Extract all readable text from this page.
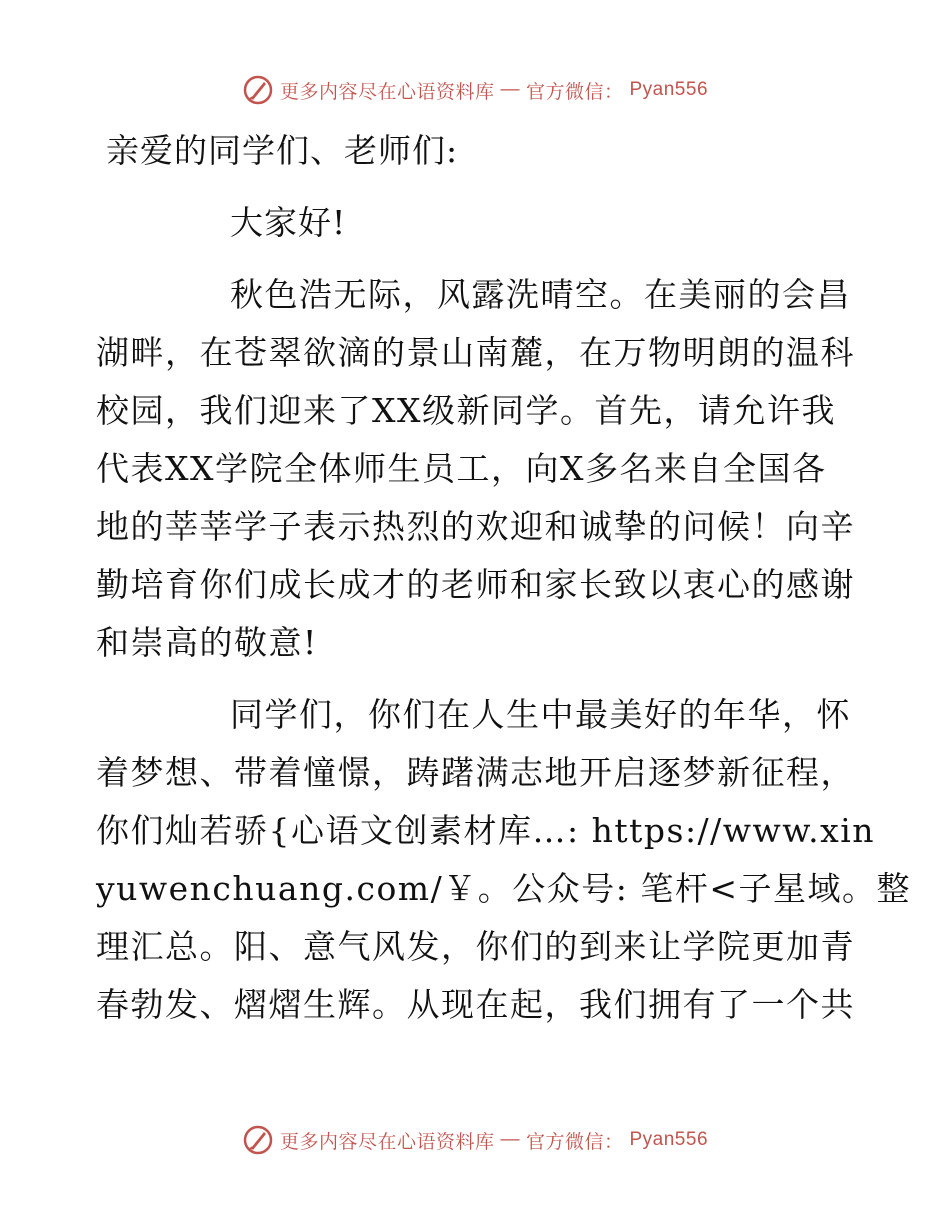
更多内容尽在心语资料库 — 官方微信： Pyan556

亲爱的同学们、老师们:

大家好!

秋色浩无际，风露洗晴空。在美丽的会昌
湖畔，在苍翠欲滴的景山南麓，在万物明朗的温科
校园，我们迎来了XX级新同学。首先，请允许我
代表XX学院全体师生员工，向X多名来自全国各
地的莘莘学子表示热烈的欢迎和诚挚的问候！向辛
勤培育你们成长成才的老师和家长致以衷心的感谢
和崇高的敬意!

同学们，你们在人生中最美好的年华，怀
着梦想、带着憧憬，踌躇满志地开启逐梦新征程，
你们灿若骄{心语文创素材库…: https://www.xin
yuwenchuang.com/￥。公众号: 笔杆<子星域。整
理汇总。阳、意气风发，你们的到来让学院更加青
春勃发、熠熠生辉。从现在起，我们拥有了一个共

更多内容尽在心语资料库 — 官方微信： Pyan556
